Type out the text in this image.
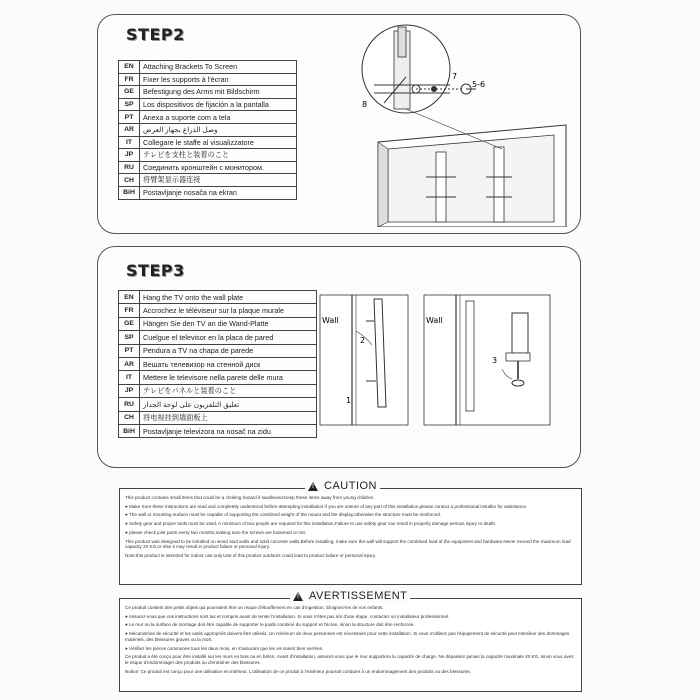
STEP2
EN	Attaching Brackets To Screen
FR	Fixer les supports à l'écran
GE	Befestigung des Arms mit Bildschirm
SP	Los dispositivos de fijación a la pantalla
PT	Anexa a suporte com a tela
AR	وصل الذراع بجهاز العرض
IT	Collegare le staffe al visualizzatore
JP	テレビを支柱と装着のこと
RU	Соединить кронштейн с монитором.
CH	将臂架显示器连接
BiH	Postavljanje nosača na ekran
7
5-6
8
STEP3
EN	Hang the TV onto the wall plate
FR	Accrochez le téléviseur sur la plaque murale
GE	Hängen Sie den TV an die Wand-Platte
SP	Cuelgue el televisor en la placa de pared
PT	Pendura a TV na chapa de parede
AR	Вешать телевизор на стенной диск
IT	Mettere le televisore nella parete delle mura
JP	テレビをパネルと装着のこと
RU	تعليق التلفزيون على لوحة الجدار
CH	将电视挂到墙面板上
BiH	Postavljanje televizora na nosač na zidu
Wall
2
1
Wall
3
! CAUTION

This product contains small items that could be a choking hazard if swallowed.Keep these items away from young children.

● Make Sure these instructions are read and completely understood before attempting installation.If you are unsure of any part of this installation,please contact a professional installer for assistance.

● The wall or mounting surface must be capable of supporting the combined weight of the mount and the display,otherwise the structure must be reinforced.

● Safety gear and proper tools must be used. A minimum of two people are required for this installation.Failure to use safety gear can result in properly damage,serious injury or death.

● please check joint parts every two months,making sure the screws are loosened or not.

This product was designed to be installed on wood stud walls and solid concrete walls.Before installing, make sure the wall will support the combined load of the equipment and hardware.Never exceed the maximum load capacity 20 KG,or else it may result in product failure or personal injury.

Note:this product is intended for indoor use only.Use of this product outdoors could lead to product failure or personal injury.

! AVERTISSEMENT

Ce produit contient des petits objets qui pourraient être un risque d'étouffement en cas d'ingestion. Eloignez-les de vos enfants.

● Assurez-vous que ces instructions sont lus et compris avant de tenter l'installation. Si vous n'êtes pas sûr d'une étape, contactez un installateur professionnel.

● Le mur ou la surface de montage doit être capable de supporter le poids combiné du support et l'écran, sinon la structure doit être renforcée.

● Mécanismes de sécurité et les outils appropriés doivent être utilisés. Un minimum de deux personnes est nécessaire pour cette installation. Si vous n'utilisez pas l'équipement de sécurité peut entraîner des dommages matériels, des blessures graves ou la mort.

● Vérifiez les pièces communes tous les deux mois, en s'assurant que les vis soient bien serrées.

Ce produit a été conçu pour être installé sur les murs en bois ou en béton. Avant d'installation, assurez-vous que le mur supportera la capacité de charge. Ne dépassez jamais la capacité maximale 20 KG, sinon vous avez le risque d'endommager des produits ou d'entraîner des blessures.

Notice: Ce produit est conçu pour une utilisation en intérieur. L'utilisation de ce produit à l'extérieur pourrait conduire à un endommagement des produits ou des blessures.
